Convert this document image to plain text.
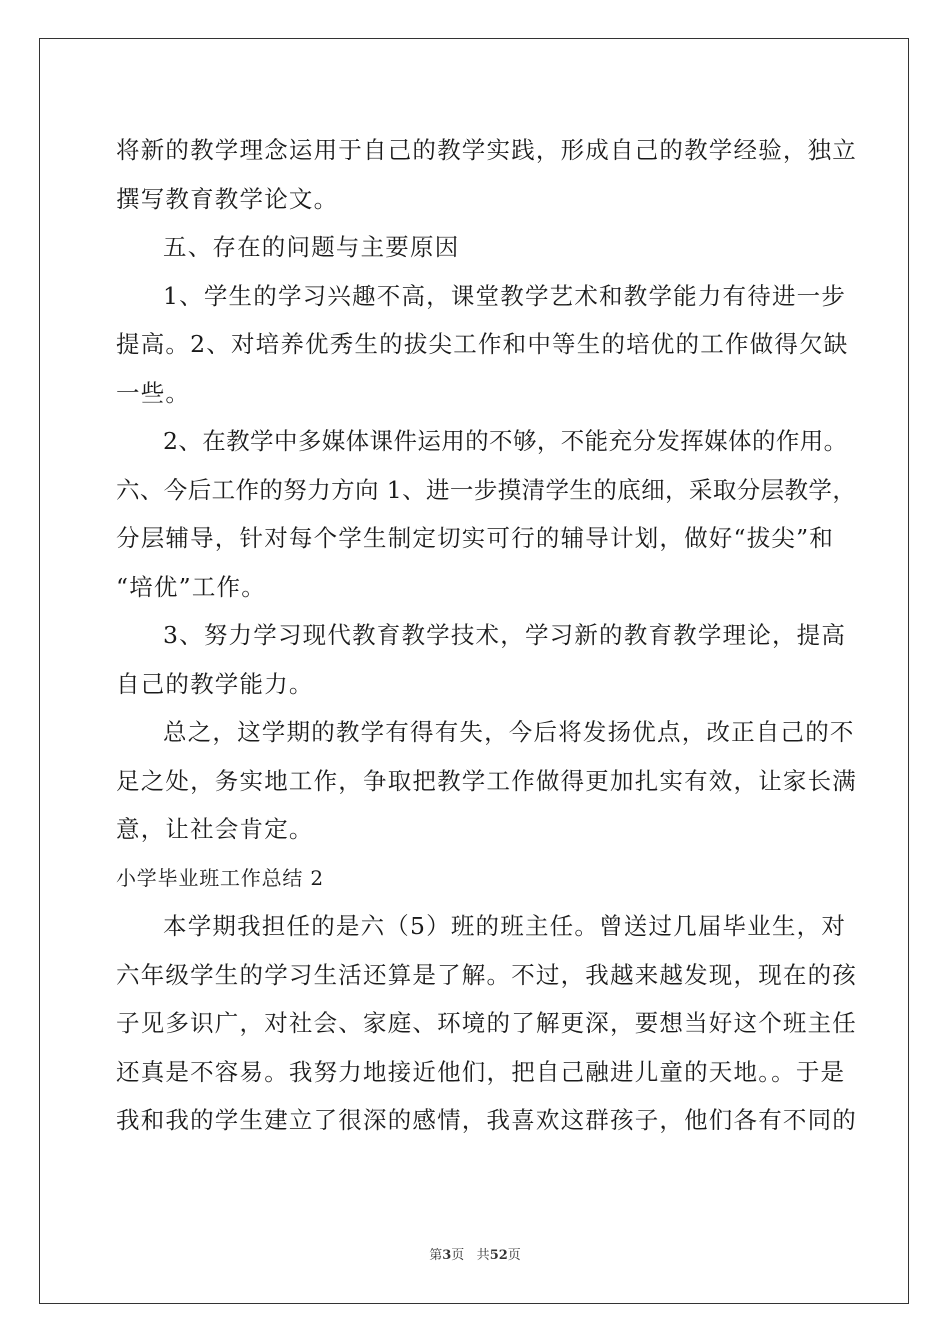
将新的教学理念运用于自己的教学实践，形成自己的教学经验，独立
撰写教育教学论文。
五、存在的问题与主要原因
1、学生的学习兴趣不高，课堂教学艺术和教学能力有待进一步
提高。2、对培养优秀生的拔尖工作和中等生的培优的工作做得欠缺
一些。
2、在教学中多媒体课件运用的不够，不能充分发挥媒体的作用。
六、今后工作的努力方向 1、进一步摸清学生的底细，采取分层教学，
分层辅导，针对每个学生制定切实可行的辅导计划，做好“拔尖”和
“培优”工作。
3、努力学习现代教育教学技术，学习新的教育教学理论，提高
自己的教学能力。
总之，这学期的教学有得有失，今后将发扬优点，改正自己的不
足之处，务实地工作，争取把教学工作做得更加扎实有效，让家长满
意，让社会肯定。
小学毕业班工作总结 2
本学期我担任的是六（5）班的班主任。曾送过几届毕业生，对
六年级学生的学习生活还算是了解。不过，我越来越发现，现在的孩
子见多识广，对社会、家庭、环境的了解更深，要想当好这个班主任
还真是不容易。我努力地接近他们，把自己融进儿童的天地。。于是
我和我的学生建立了很深的感情，我喜欢这群孩子，他们各有不同的
第3页 共52页
